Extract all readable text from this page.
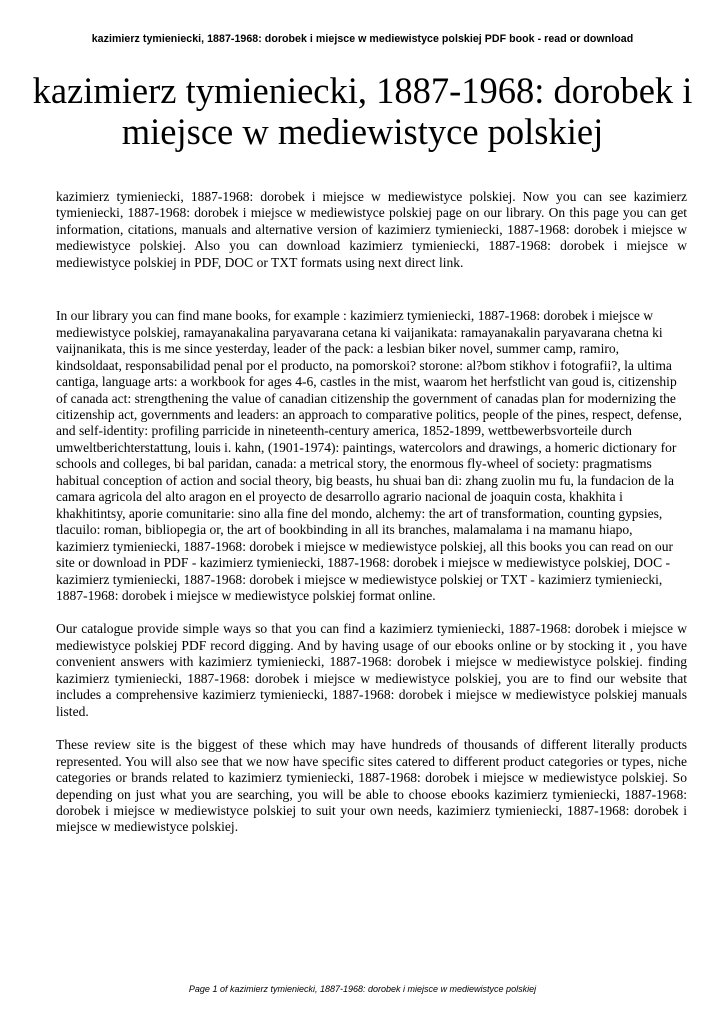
kazimierz tymieniecki, 1887-1968: dorobek i miejsce w mediewistyce polskiej PDF book - read or download
kazimierz tymieniecki, 1887-1968: dorobek i
miejsce w mediewistyce polskiej

kazimierz tymieniecki, 1887-1968: dorobek i miejsce w mediewistyce polskiej. Now you can see kazimierz tymieniecki, 1887-1968: dorobek i miejsce w mediewistyce polskiej page on our library. On this page you can get information, citations, manuals and alternative version of kazimierz tymieniecki, 1887-1968: dorobek i miejsce w mediewistyce polskiej. Also you can download kazimierz tymieniecki, 1887-1968: dorobek i miejsce w mediewistyce polskiej in PDF, DOC or TXT formats using next direct link.

In our library you can find mane books, for example : kazimierz tymieniecki, 1887-1968: dorobek i miejsce w mediewistyce polskiej, ramayanakalina paryavarana cetana ki vaijanikata: ramayanakalin paryavarana chetna ki vaijnanikata, this is me since yesterday, leader of the pack: a lesbian biker novel, summer camp, ramiro, kindsoldaat, responsabilidad penal por el producto, na pomorskoi? storone: al?bom stikhov i fotografii?, la ultima cantiga, language arts: a workbook for ages 4-6, castles in the mist, waarom het herfstlicht van goud is, citizenship of canada act: strengthening the value of canadian citizenship the government of canadas plan for modernizing the citizenship act, governments and leaders: an approach to comparative politics, people of the pines, respect, defense, and self-identity: profiling parricide in nineteenth-century america, 1852-1899, wettbewerbsvorteile durch umweltberichterstattung, louis i. kahn, (1901-1974): paintings, watercolors and drawings, a homeric dictionary for schools and colleges, bi bal paridan, canada: a metrical story, the enormous fly-wheel of society: pragmatisms habitual conception of action and social theory, big beasts, hu shuai ban di: zhang zuolin mu fu, la fundacion de la camara agricola del alto aragon en el proyecto de desarrollo agrario nacional de joaquin costa, khakhita i khakhitintsy, aporie comunitarie: sino alla fine del mondo, alchemy: the art of transformation, counting gypsies, tlacuilo: roman, bibliopegia or, the art of bookbinding in all its branches, malamalama i na mamanu hiapo, kazimierz tymieniecki, 1887-1968: dorobek i miejsce w mediewistyce polskiej, all this books you can read on our site or download in PDF - kazimierz tymieniecki, 1887-1968: dorobek i miejsce w mediewistyce polskiej, DOC - kazimierz tymieniecki, 1887-1968: dorobek i miejsce w mediewistyce polskiej or TXT - kazimierz tymieniecki, 1887-1968: dorobek i miejsce w mediewistyce polskiej format online.

Our catalogue provide simple ways so that you can find a kazimierz tymieniecki, 1887-1968: dorobek i miejsce w mediewistyce polskiej PDF record digging. And by having usage of our ebooks online or by stocking it , you have convenient answers with kazimierz tymieniecki, 1887-1968: dorobek i miejsce w mediewistyce polskiej. finding kazimierz tymieniecki, 1887-1968: dorobek i miejsce w mediewistyce polskiej, you are to find our website that includes a comprehensive kazimierz tymieniecki, 1887-1968: dorobek i miejsce w mediewistyce polskiej manuals listed.

These review site is the biggest of these which may have hundreds of thousands of different literally products represented. You will also see that we now have specific sites catered to different product categories or types, niche categories or brands related to kazimierz tymieniecki, 1887-1968: dorobek i miejsce w mediewistyce polskiej. So depending on just what you are searching, you will be able to choose ebooks kazimierz tymieniecki, 1887-1968: dorobek i miejsce w mediewistyce polskiej to suit your own needs, kazimierz tymieniecki, 1887-1968: dorobek i miejsce w mediewistyce polskiej.

Page 1 of kazimierz tymieniecki, 1887-1968: dorobek i miejsce w mediewistyce polskiej
